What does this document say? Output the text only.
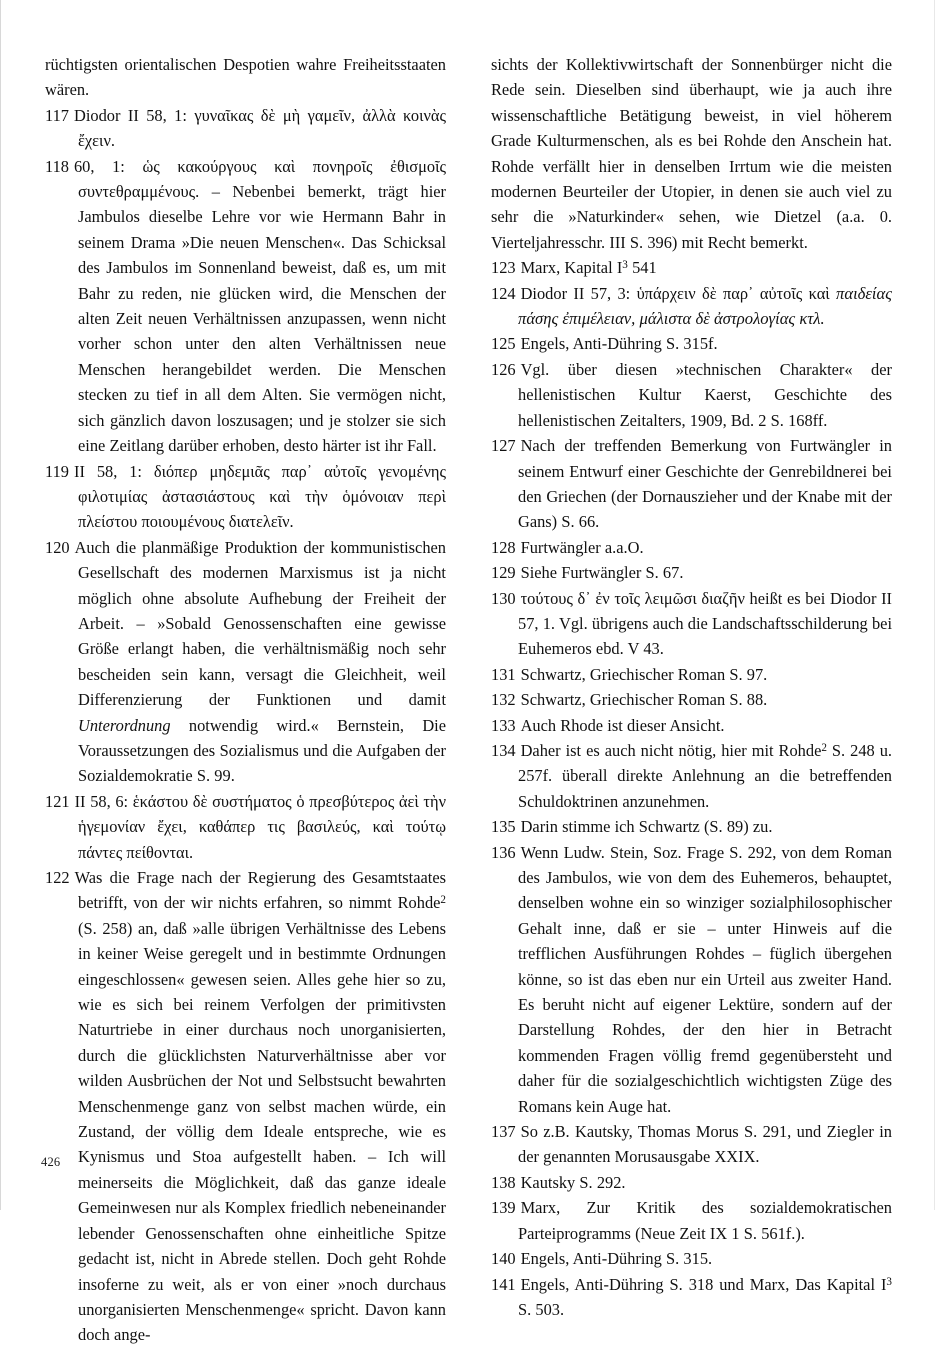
rüchtigsten orientalischen Despotien wahre Freiheitsstaaten wären.

117 Diodor II 58, 1: γυναῖκας δὲ μὴ γαμεῖν, ἀλλὰ κοινὰς ἔχειν.

118 60, 1: ὡς κακούργους καὶ πονηροῖς ἐθισμοῖς συντεθραμμένους. – Nebenbei bemerkt, trägt hier Jambulos dieselbe Lehre vor wie Hermann Bahr in seinem Drama »Die neuen Menschen«. Das Schicksal des Jambulos im Sonnenland beweist, daß es, um mit Bahr zu reden, nie glücken wird, die Menschen der alten Zeit neuen Verhältnissen anzupassen, wenn nicht vorher schon unter den alten Verhältnissen neue Menschen herangebildet werden. Die Menschen stecken zu tief in all dem Alten. Sie vermögen nicht, sich gänzlich davon loszusagen; und je stolzer sie sich eine Zeitlang darüber erhoben, desto härter ist ihr Fall.

119 II 58, 1: διόπερ μηδεμιᾶς παρ᾽ αὐτοῖς γενομένης φιλοτιμίας ἀστασιάστους καὶ τὴν ὁμόνοιαν περὶ πλείστου ποιουμένους διατελεῖν.

120 Auch die planmäßige Produktion der kommunistischen Gesellschaft des modernen Marxismus ist ja nicht möglich ohne absolute Aufhebung der Freiheit der Arbeit. – »Sobald Genossenschaften eine gewisse Größe erlangt haben, die verhältnismäßig noch sehr bescheiden sein kann, versagt die Gleichheit, weil Differenzierung der Funktionen und damit Unterordnung notwendig wird.« Bernstein, Die Voraussetzungen des Sozialismus und die Aufgaben der Sozialdemokratie S. 99.

121 II 58, 6: ἑκάστου δὲ συστήματος ὁ πρεσβύτερος ἀεὶ τὴν ἡγεμονίαν ἔχει, καθάπερ τις βασιλεύς, καὶ τούτῳ πάντες πείθονται.

122 Was die Frage nach der Regierung des Gesamtstaates betrifft, von der wir nichts erfahren, so nimmt Rohde$^2$ (S. 258) an, daß »alle übrigen Verhältnisse des Lebens in keiner Weise geregelt und in bestimmte Ordnungen eingeschlossen« gewesen seien. Alles gehe hier so zu, wie es sich bei reinem Verfolgen der primitivsten Naturtriebe in einer durchaus noch unorganisierten, durch die glücklichsten Naturverhältnisse aber vor wilden Ausbrüchen der Not und Selbstsucht bewahrten Menschenmenge ganz von selbst machen würde, ein Zustand, der völlig dem Ideale entspreche, wie es Kynismus und Stoa aufgestellt haben. – Ich will meinerseits die Möglichkeit, daß das ganze ideale Gemeinwesen nur als Komplex friedlich nebeneinander lebender Genossenschaften ohne einheitliche Spitze gedacht ist, nicht in Abrede stellen. Doch geht Rohde insoferne zu weit, als er von einer »noch durchaus unorganisierten Menschenmenge« spricht. Davon kann doch ange-

sichts der Kollektivwirtschaft der Sonnenbürger nicht die Rede sein. Dieselben sind überhaupt, wie ja auch ihre wissenschaftliche Betätigung beweist, in viel höherem Grade Kulturmenschen, als es bei Rohde den Anschein hat. Rohde verfällt hier in denselben Irrtum wie die meisten modernen Beurteiler der Utopier, in denen sie auch viel zu sehr die »Naturkinder« sehen, wie Dietzel (a.a. 0. Vierteljahresschr. III S. 396) mit Recht bemerkt.

123 Marx, Kapital $I^3$ 541

124 Diodor II 57, 3: ὑπάρχειν δὲ παρ᾽ αὐτοῖς καὶ παιδείας πάσης ἐπιμέλειαν, μάλιστα δὲ ἀστρολογίας κτλ.

125 Engels, Anti-Dühring S. 315f.

126 Vgl. über diesen »technischen Charakter« der hellenistischen Kultur Kaerst, Geschichte des hellenistischen Zeitalters, 1909, Bd. 2 S. 168ff.

127 Nach der treffenden Bemerkung von Furtwängler in seinem Entwurf einer Geschichte der Genrebildnerei bei den Griechen (der Dornauszieher und der Knabe mit der Gans) S. 66.

128 Furtwängler a.a.O.

129 Siehe Furtwängler S. 67.

130 τούτους δ᾽ ἐν τοῖς λειμῶσι διαζῆν heißt es bei Diodor II 57, 1. Vgl. übrigens auch die Landschaftsschilderung bei Euhemeros ebd. V 43.

131 Schwartz, Griechischer Roman S. 97.

132 Schwartz, Griechischer Roman S. 88.

133 Auch Rhode ist dieser Ansicht.

134 Daher ist es auch nicht nötig, hier mit Rohde$^2$ S. 248 u. 257f. überall direkte Anlehnung an die betreffenden Schuldoktrinen anzunehmen.

135 Darin stimme ich Schwartz (S. 89) zu.

136 Wenn Ludw. Stein, Soz. Frage S. 292, von dem Roman des Jambulos, wie von dem des Euhemeros, behauptet, denselben wohne ein so winziger sozialphilosophischer Gehalt inne, daß er sie – unter Hinweis auf die trefflichen Ausführungen Rohdes – füglich übergehen könne, so ist das eben nur ein Urteil aus zweiter Hand. Es beruht nicht auf eigener Lektüre, sondern auf der Darstellung Rohdes, der den hier in Betracht kommenden Fragen völlig fremd gegenübersteht und daher für die sozialgeschichtlich wichtigsten Züge des Romans kein Auge hat.

137 So z.B. Kautsky, Thomas Morus S. 291, und Ziegler in der genannten Morusausgabe XXIX.

138 Kautsky S. 292.

139 Marx, Zur Kritik des sozialdemokratischen Parteiprogramms (Neue Zeit IX 1 S. 561f.).

140 Engels, Anti-Dühring S. 315.

141 Engels, Anti-Dühring S. 318 und Marx, Das Kapital $I^3$ S. 503.

426
